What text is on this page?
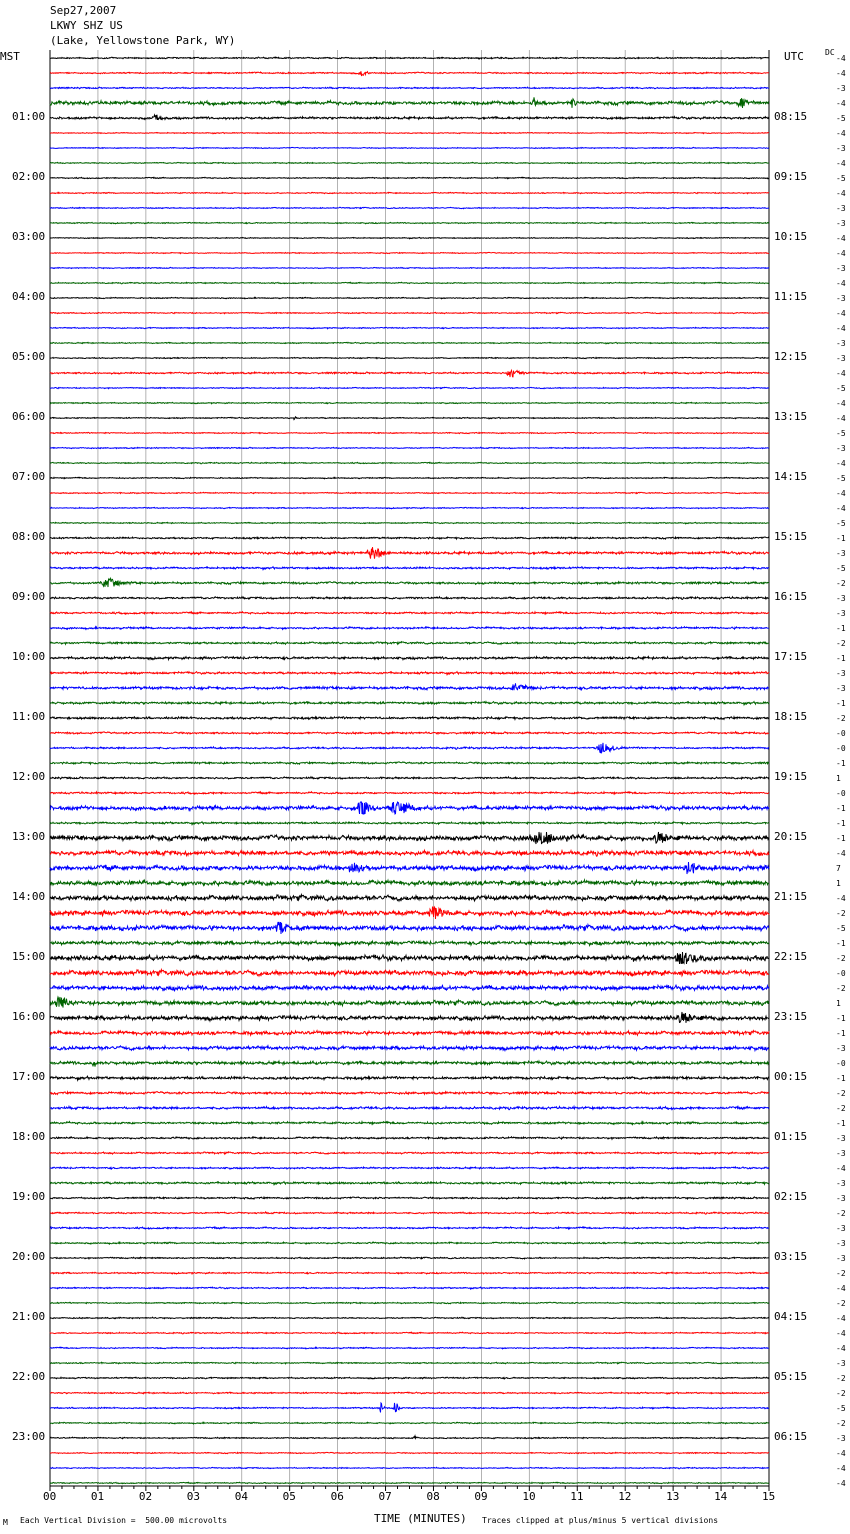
Sep27,2007
LKWY SHZ US
(Lake, Yellowstone Park, WY)
MST	UTC	DC
01:00
02:00
03:00
04:00
05:00
06:00
07:00
08:00
09:00
10:00
11:00
12:00
13:00
14:00
15:00
16:00
17:00
18:00
19:00
20:00
21:00
22:00
23:00
08:15
09:15
10:15
11:15
12:15
13:15
14:15
15:15
16:15
17:15
18:15
19:15
20:15
21:15
22:15
23:15
00:15
01:15
02:15
03:15
04:15
05:15
06:15
-4
-4
-3
-4
-5
-4
-3
-4
-5
-4
-3
-3
-4
-4
-3
-4
-3
-4
-4
-3
-3
-4
-5
-4
-4
-5
-3
-4
-5
-4
-4
-5
-1
-3
-5
-2
-3
-3
-1
-2
-1
-3
-3
-1
-2
-0
-0
-1
1
-0
-1
-1
-1
-4
7
1
-4
-2
-5
-1
-2
-0
-2
1
-1
-1
-3
-0
-1
-2
-2
-1
-3
-3
-4
-3
-3
-2
-3
-3
-3
-2
-4
-2
-4
-4
-4
-3
-2
-2
-5
-2
-3
-4
-4
-4
00	01	02	03	04	05	06	07	08	09	10	11	12	13	14	15
M Each Vertical Division =  500.00 microvolts	TIME (MINUTES) Traces clipped at plus/minus 5 vertical divisions
